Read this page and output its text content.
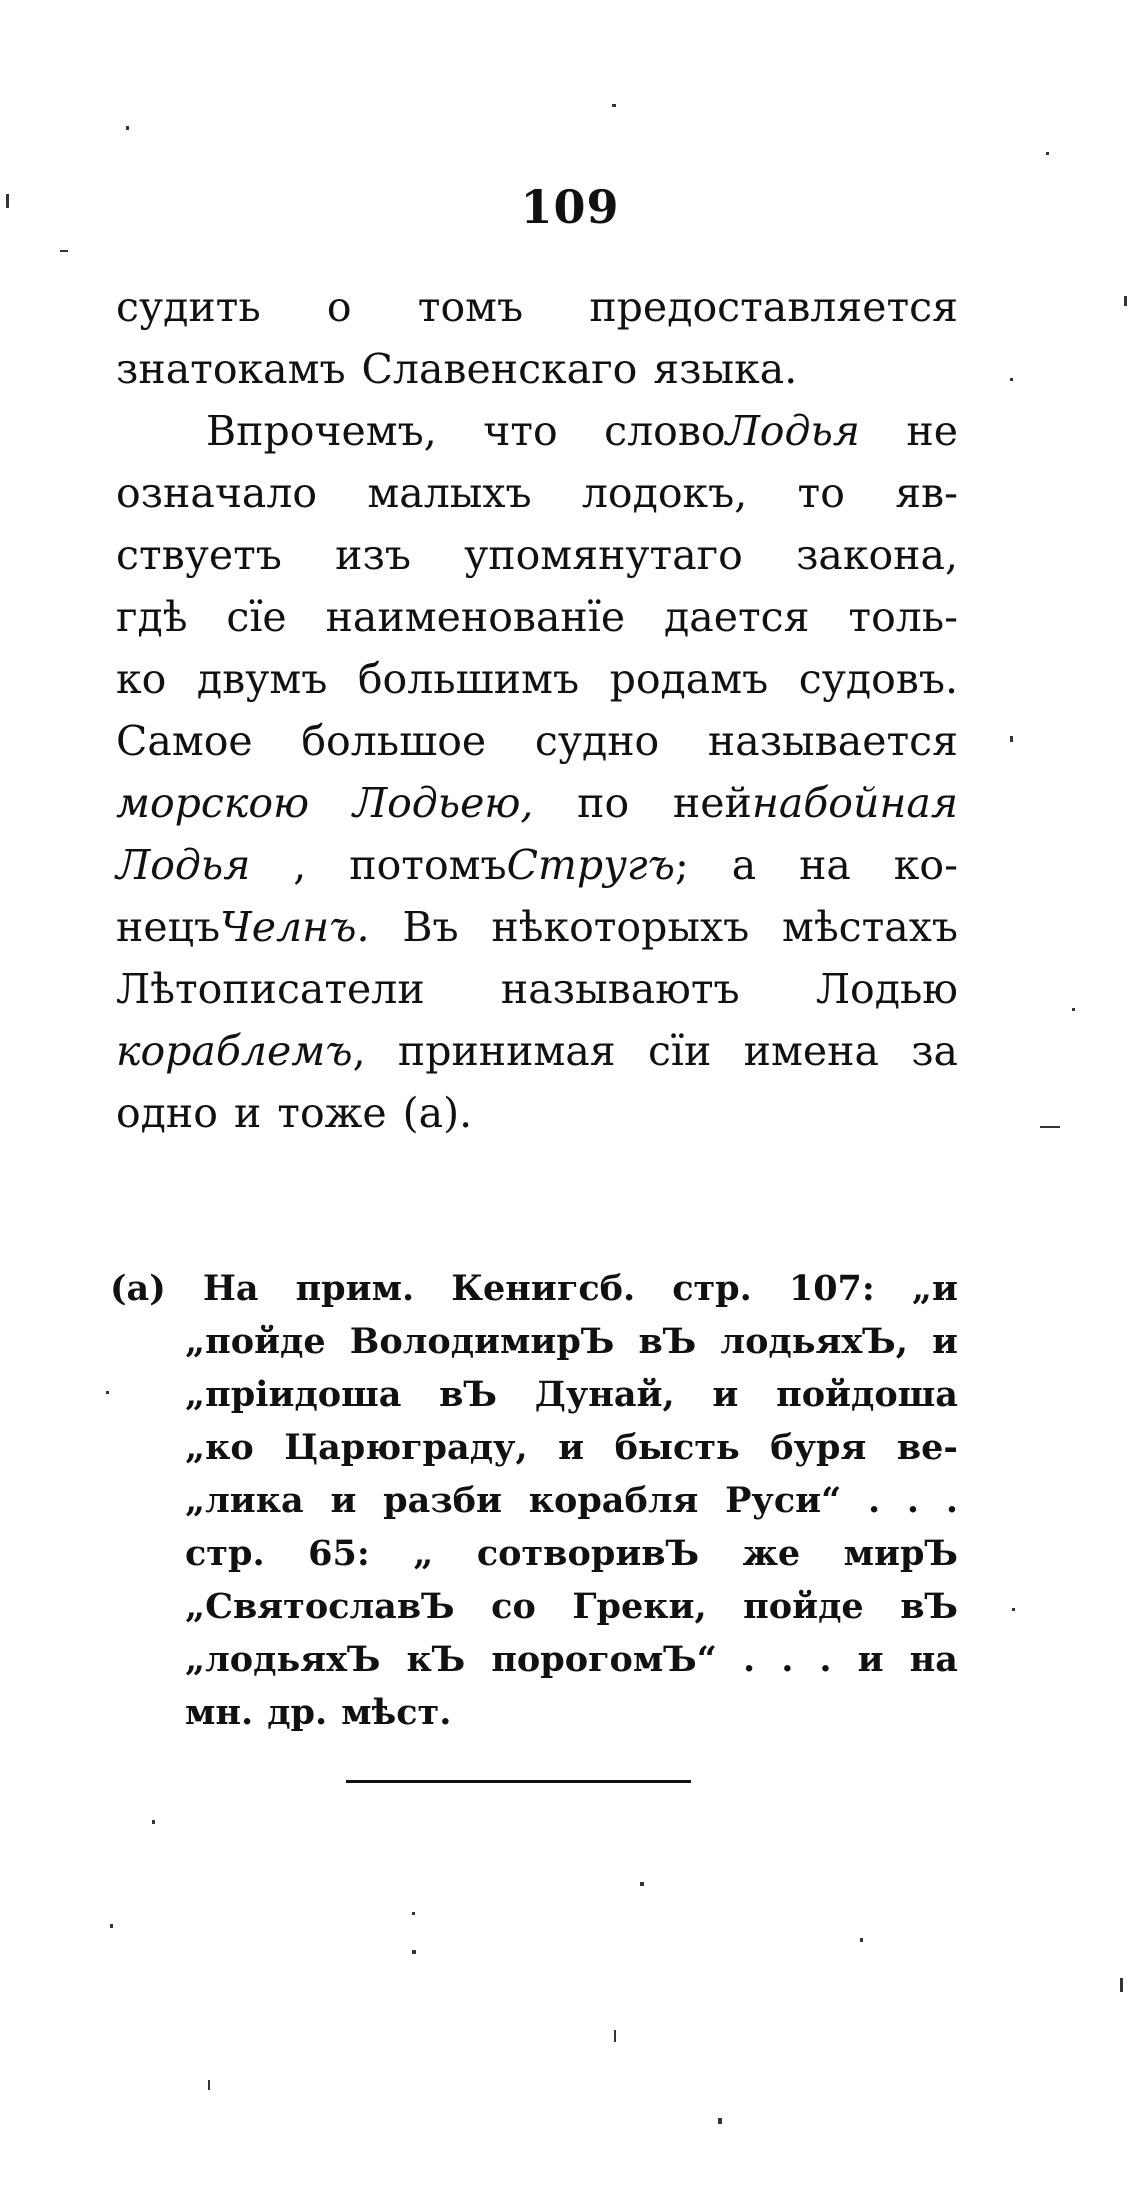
109
судить о томъ предоставляется
знатокамъ Славенскаго языка.
Впрочемъ, что словоЛодья не
означало малыхъ лодокъ, то яв-
ствуетъ изъ упомянутаго закона,
гдѣ сїе наименованїе дается толь-
ко двумъ большимъ родамъ судовъ.
Самое большое судно называется
морскою Лодьею, по нейнабойная
Лодья , потомъСтругъ; а на ко-
нецъЧелнъ. Въ нѣкоторыхъ мѣстахъ
Лѣтописатели называютъ Лодью
кораблемъ, принимая сїи имена за
одно и тоже (а).
(а) На прим. Кенигсб. стр. 107: „и
„пойде ВолодимирЪ вЪ лодьяхЪ, и
„прiидоша вЪ Дунай, и пойдоша
„ко Царюграду, и бысть буря ве-
„лика и разби корабля Руси“ . . .
стр. 65: „ сотворивЪ же мирЪ
„СвятославЪ со Греки, пойде вЪ
„лодьяхЪ кЪ порогомЪ“ . . . и на
мн. др. мѣст.
